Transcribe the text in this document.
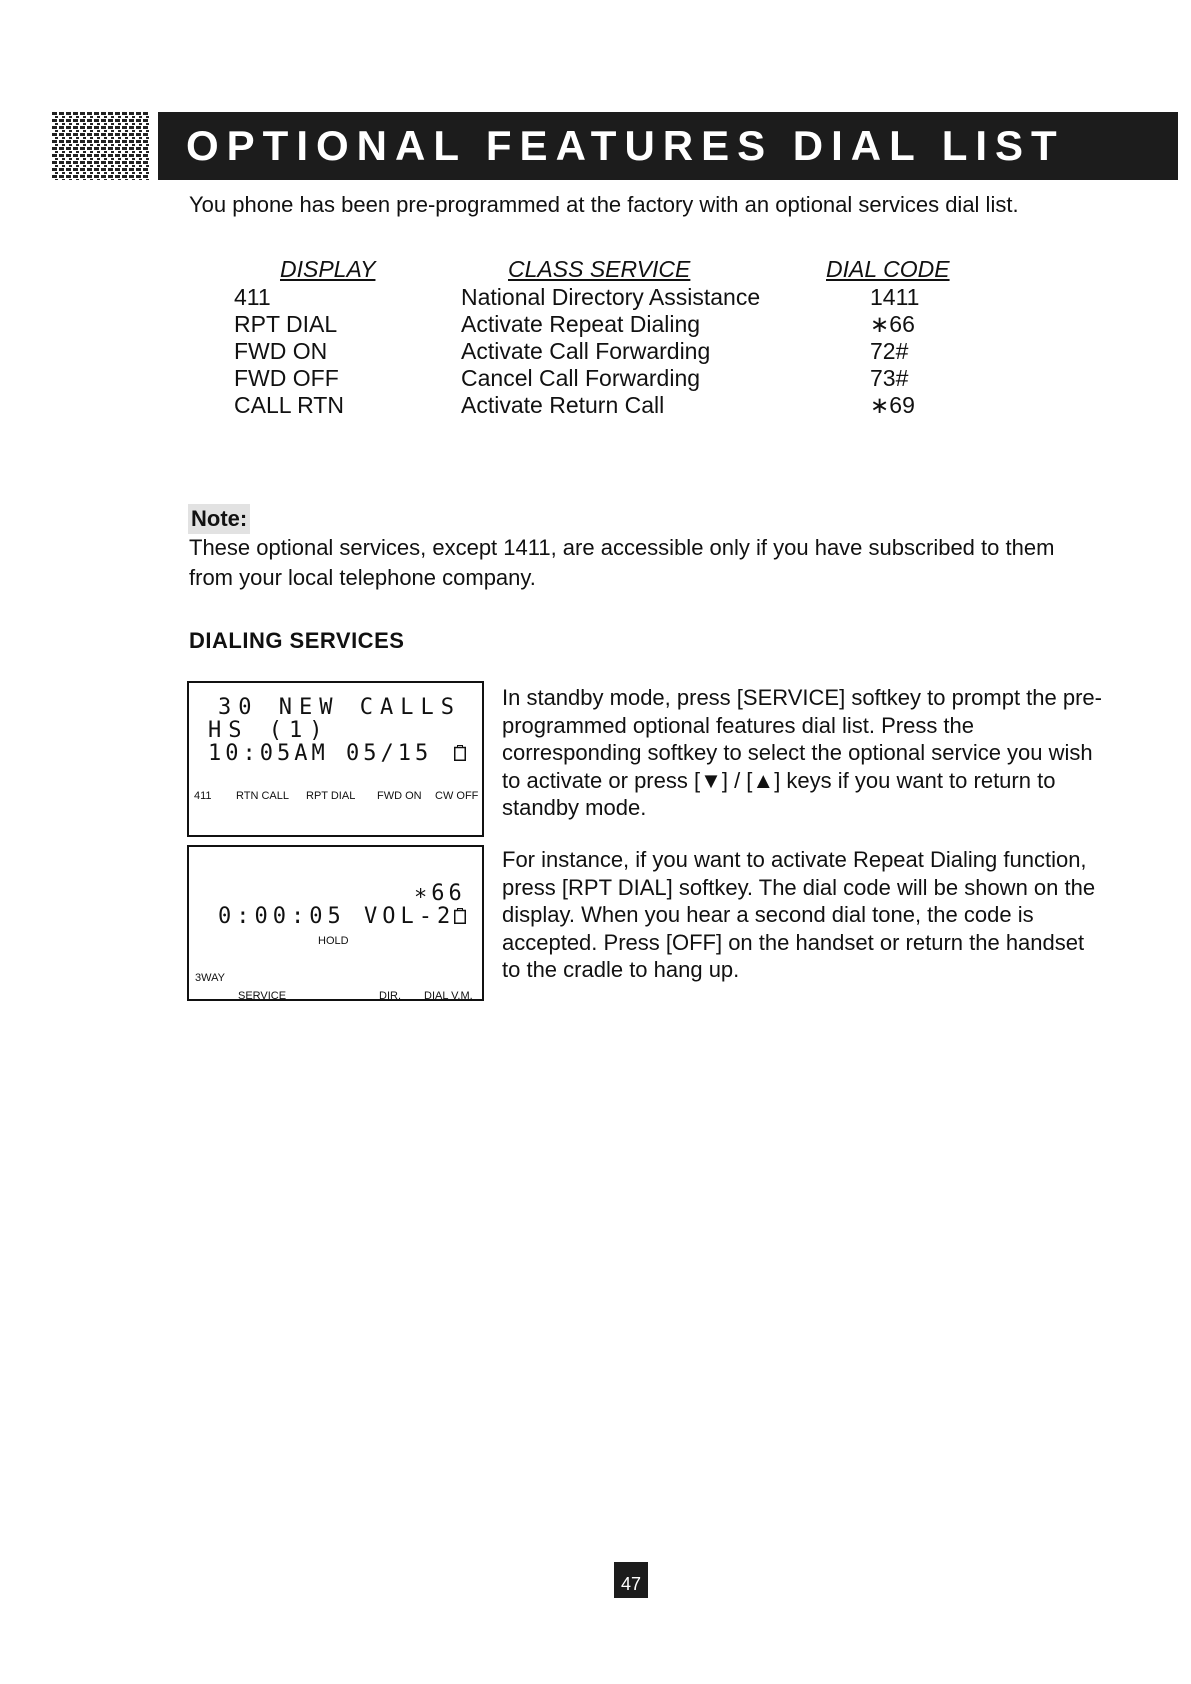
OPTIONAL FEATURES DIAL LIST
You phone has been pre-programmed at the factory with an optional services dial list.
DISPLAY	CLASS SERVICE	DIAL CODE
411	National Directory Assistance	1411
RPT DIAL	Activate Repeat Dialing	∗66
FWD ON	Activate Call Forwarding	72#
FWD OFF	Cancel Call Forwarding	73#
CALL RTN	Activate Return Call	∗69
Note:
These optional services, except 1411, are accessible only if you have subscribed to them from your local telephone company.
DIALING SERVICES
30 NEW CALLS
HS (1)
10:05AM 05/15
411 RTN CALL RPT DIAL FWD ON CW OFF
∗66
0:00:05 VOL-2
HOLD
3WAY
SERVICE	DIR. DIAL V.M.
In standby mode, press [SERVICE] softkey to prompt the pre-programmed optional features dial list. Press the corresponding softkey to select the optional service you wish to activate or press [▼] / [▲] keys if you want to return to standby mode.
For instance, if you want to activate Repeat Dialing function, press [RPT DIAL] softkey. The dial code will be shown on the display. When you hear a second dial tone, the code is accepted. Press [OFF] on the handset or return the handset to the cradle to hang up.
47
